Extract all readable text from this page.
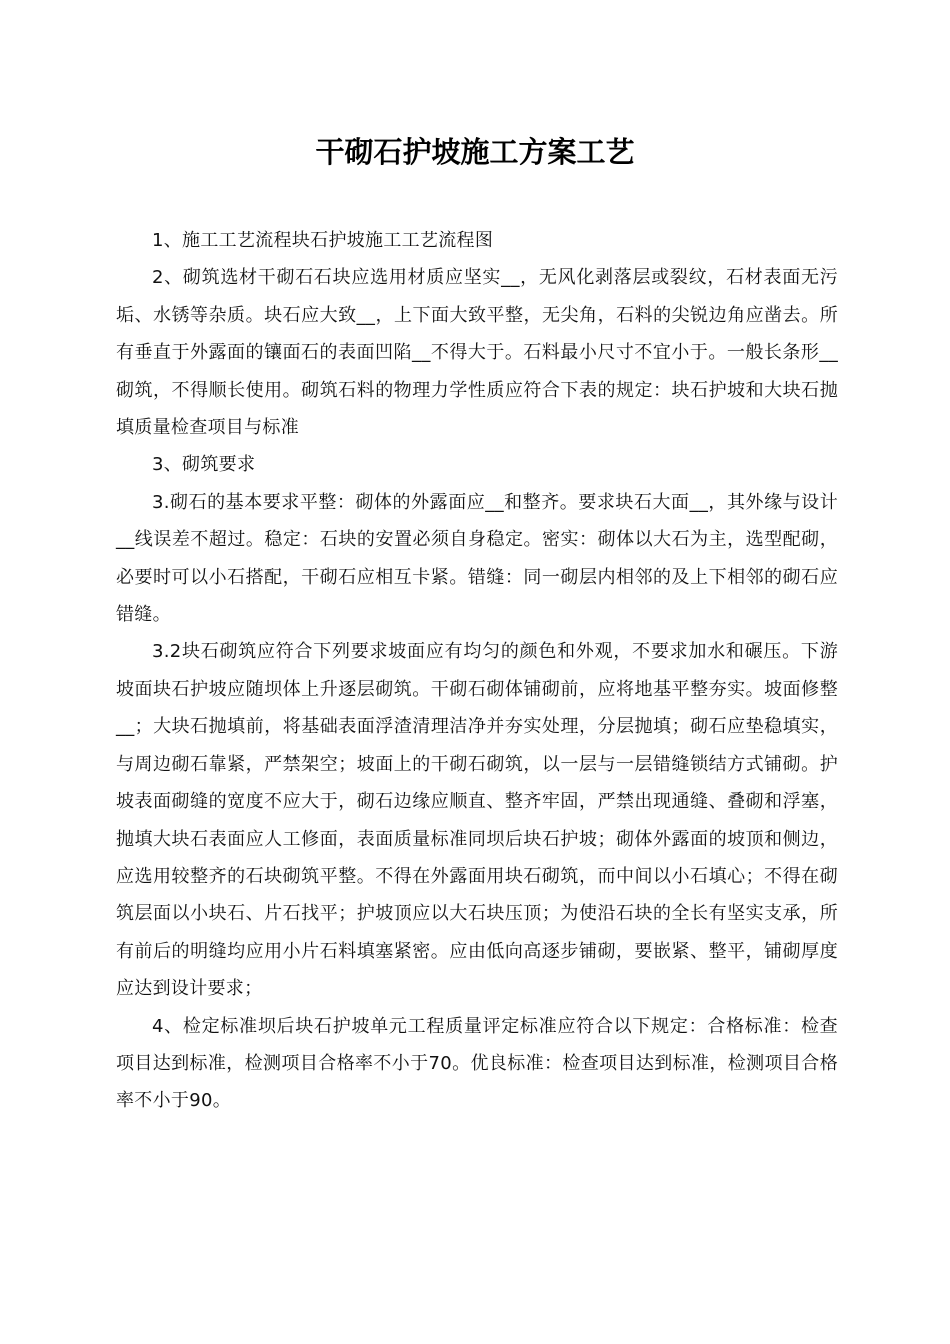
干砌石护坡施工方案工艺

1、施工工艺流程块石护坡施工工艺流程图

2、砌筑选材干砌石石块应选用材质应坚实__，无风化剥落层或裂纹，石材表面无污垢、水锈等杂质。块石应大致__，上下面大致平整，无尖角，石料的尖锐边角应凿去。所有垂直于外露面的镶面石的表面凹陷__不得大于。石料最小尺寸不宜小于。一般长条形__砌筑，不得顺长使用。砌筑石料的物理力学性质应符合下表的规定：块石护坡和大块石抛填质量检查项目与标准

3、砌筑要求

3.砌石的基本要求平整：砌体的外露面应__和整齐。要求块石大面__，其外缘与设计__线误差不超过。稳定：石块的安置必须自身稳定。密实：砌体以大石为主，选型配砌，必要时可以小石搭配，干砌石应相互卡紧。错缝：同一砌层内相邻的及上下相邻的砌石应错缝。

3.2块石砌筑应符合下列要求坡面应有均匀的颜色和外观，不要求加水和碾压。下游坡面块石护坡应随坝体上升逐层砌筑。干砌石砌体铺砌前，应将地基平整夯实。坡面修整__；大块石抛填前，将基础表面浮渣清理洁净并夯实处理，分层抛填；砌石应垫稳填实，与周边砌石靠紧，严禁架空；坡面上的干砌石砌筑，以一层与一层错缝锁结方式铺砌。护坡表面砌缝的宽度不应大于，砌石边缘应顺直、整齐牢固，严禁出现通缝、叠砌和浮塞，抛填大块石表面应人工修面，表面质量标准同坝后块石护坡；砌体外露面的坡顶和侧边，应选用较整齐的石块砌筑平整。不得在外露面用块石砌筑，而中间以小石填心；不得在砌筑层面以小块石、片石找平；护坡顶应以大石块压顶；为使沿石块的全长有坚实支承，所有前后的明缝均应用小片石料填塞紧密。应由低向高逐步铺砌，要嵌紧、整平，铺砌厚度应达到设计要求；

4、检定标准坝后块石护坡单元工程质量评定标准应符合以下规定：合格标准：检查项目达到标准，检测项目合格率不小于70。优良标准：检查项目达到标准，检测项目合格率不小于90。
